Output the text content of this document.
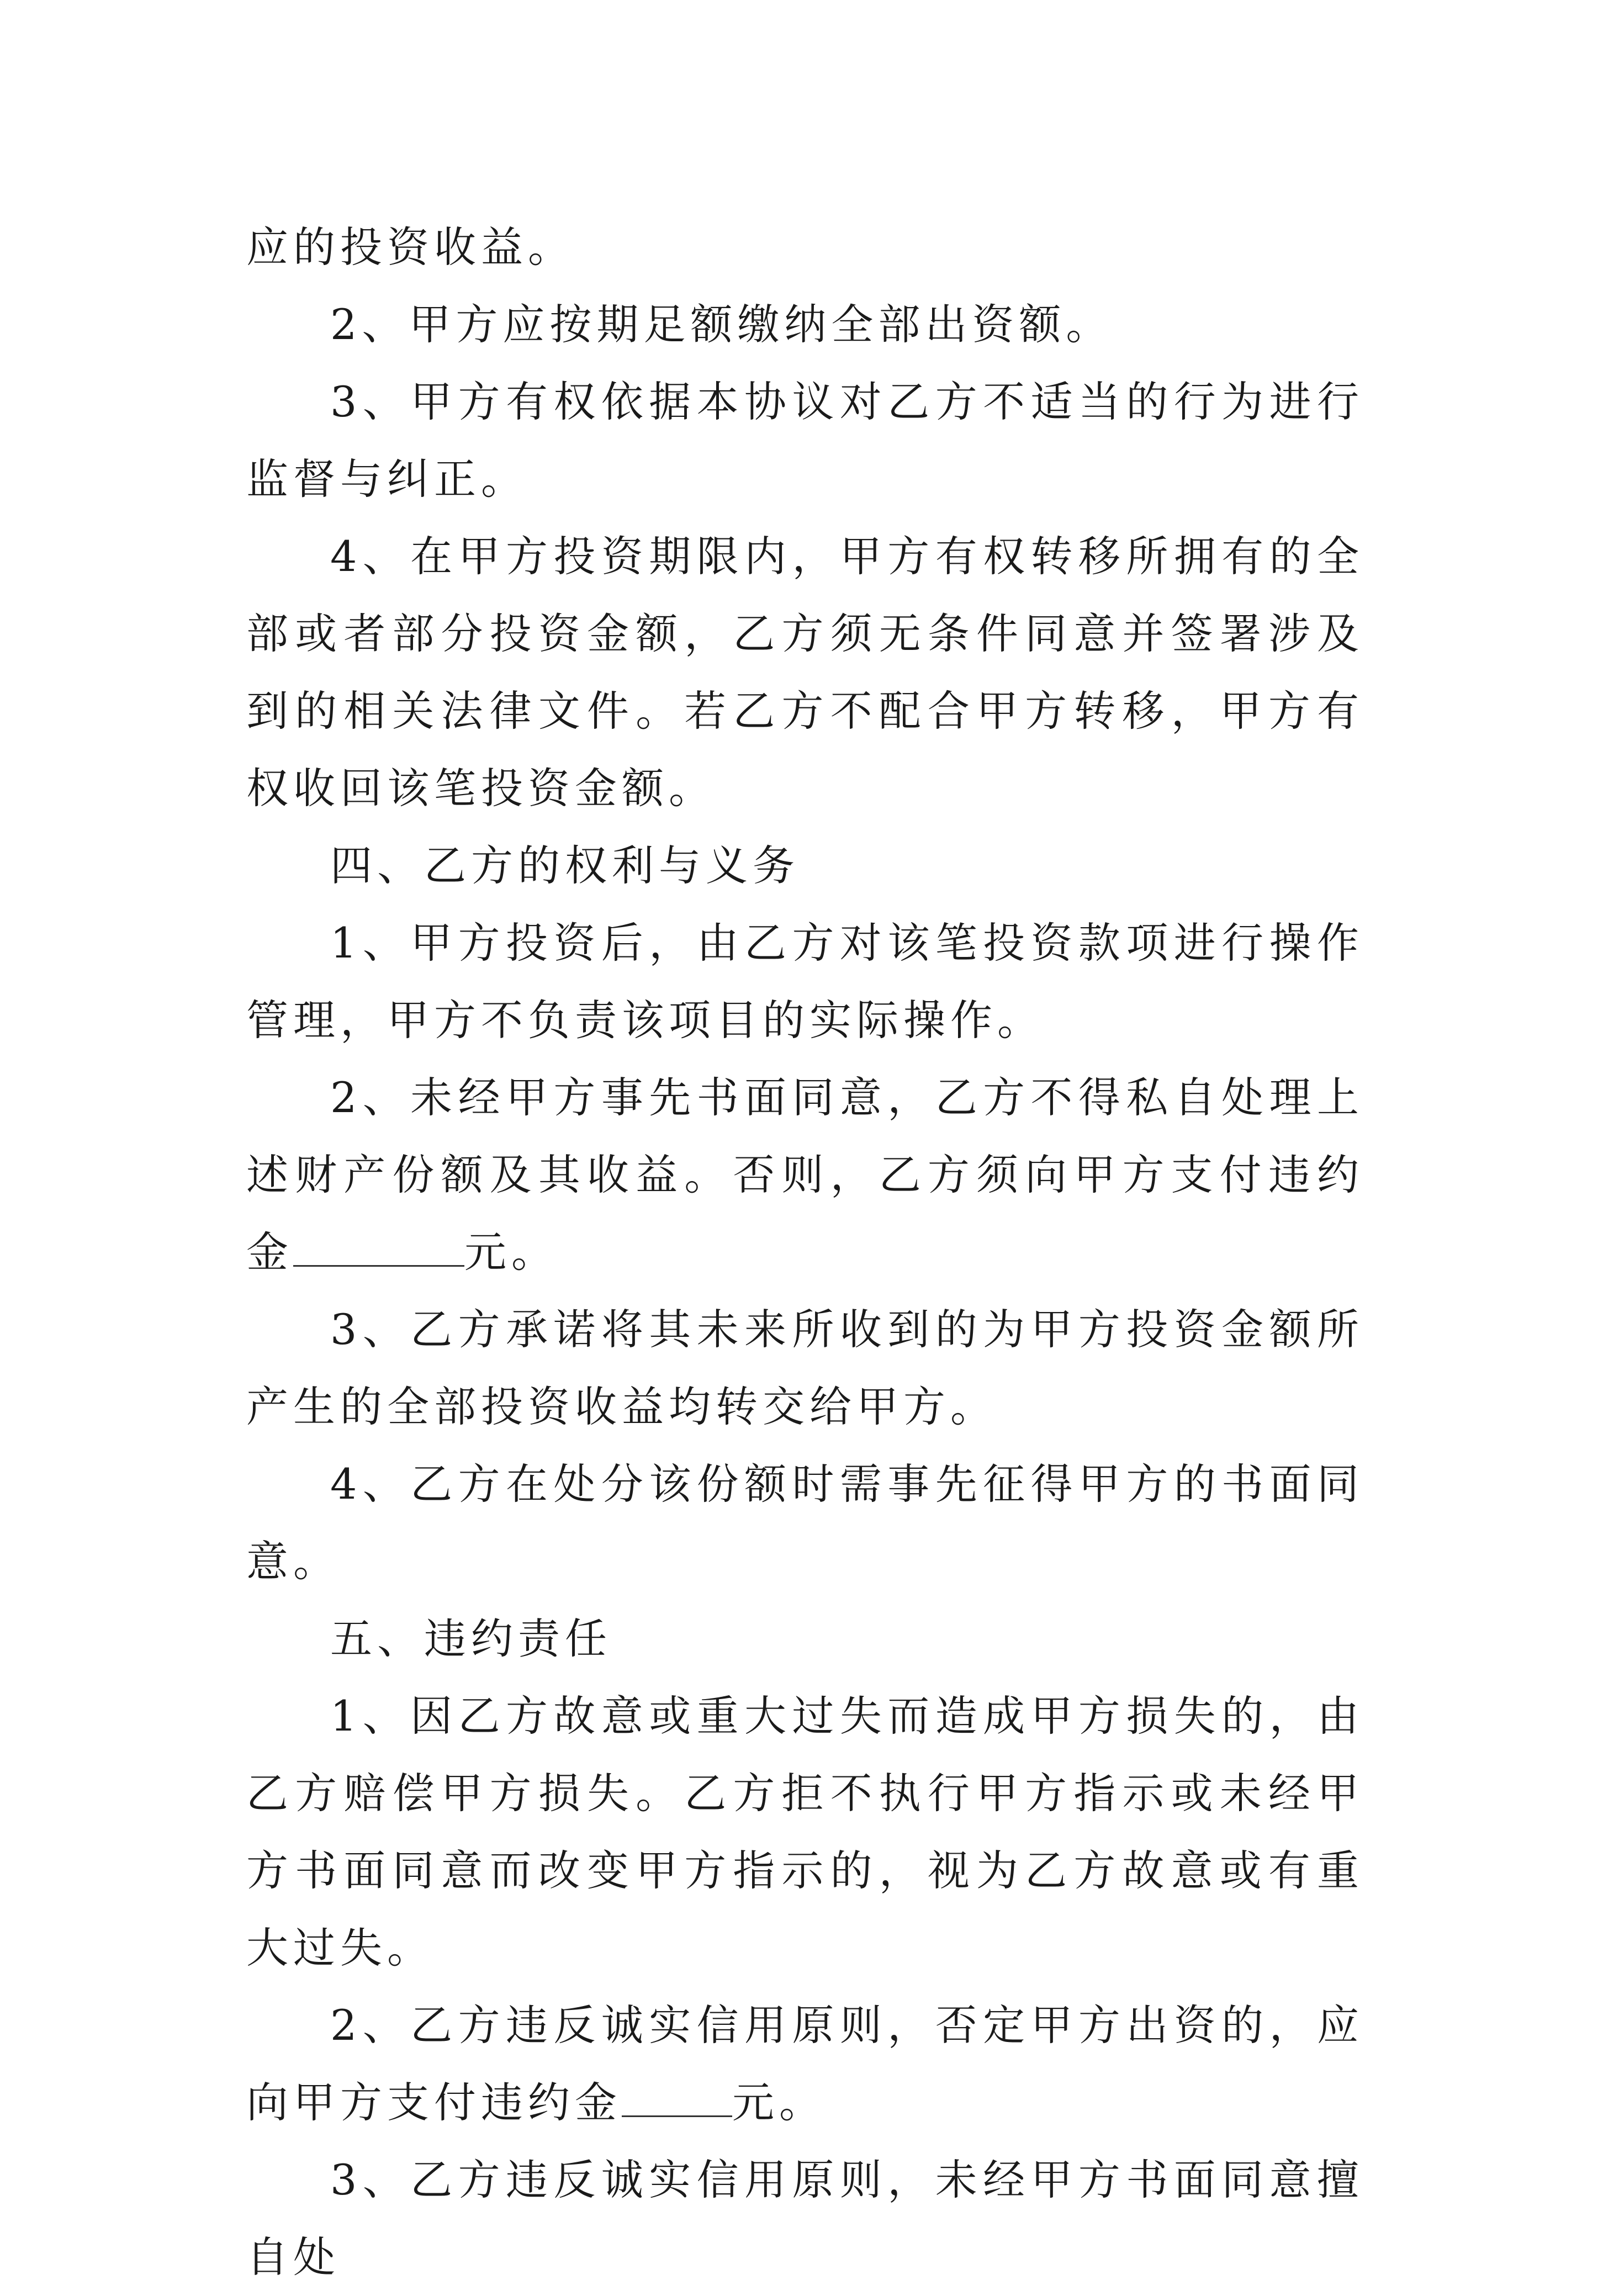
应的投资收益。

2、甲方应按期足额缴纳全部出资额。

3、甲方有权依据本协议对乙方不适当的行为进行监督与纠正。

4、在甲方投资期限内，甲方有权转移所拥有的全部或者部分投资金额，乙方须无条件同意并签署涉及到的相关法律文件。若乙方不配合甲方转移，甲方有权收回该笔投资金额。

四、乙方的权利与义务

1、甲方投资后，由乙方对该笔投资款项进行操作管理，甲方不负责该项目的实际操作。

2、未经甲方事先书面同意，乙方不得私自处理上述财产份额及其收益。否则，乙方须向甲方支付违约金	元。

3、乙方承诺将其未来所收到的为甲方投资金额所产生的全部投资收益均转交给甲方。

4、乙方在处分该份额时需事先征得甲方的书面同意。

五、违约责任

1、因乙方故意或重大过失而造成甲方损失的，由乙方赔偿甲方损失。乙方拒不执行甲方指示或未经甲方书面同意而改变甲方指示的，视为乙方故意或有重大过失。

2、乙方违反诚实信用原则，否定甲方出资的，应向甲方支付违约金	元。

3、乙方违反诚实信用原则，未经甲方书面同意擅自处
